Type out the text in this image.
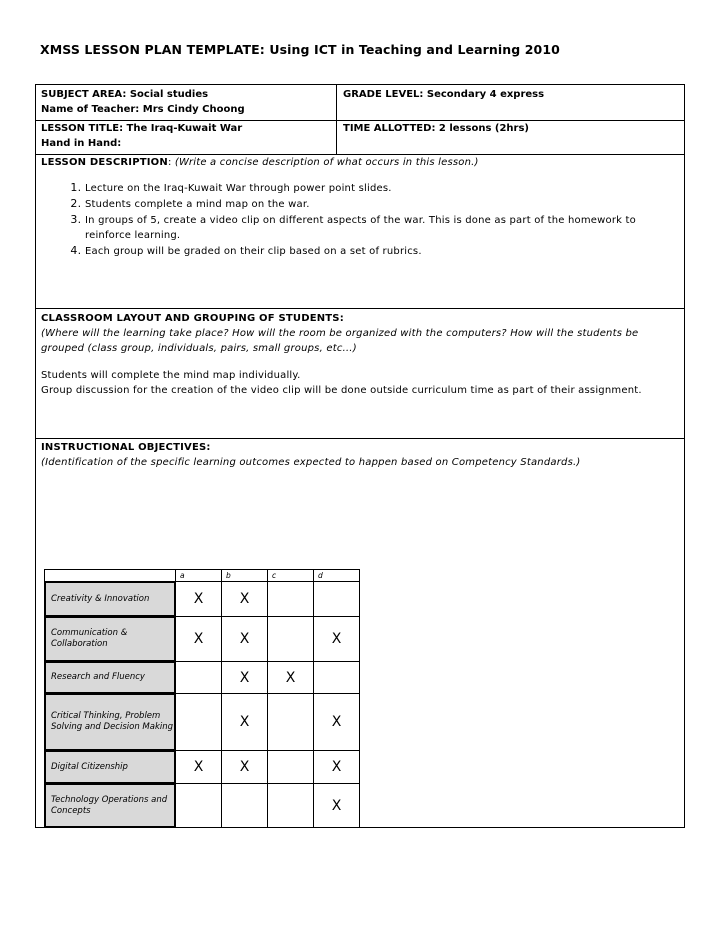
XMSS LESSON PLAN TEMPLATE: Using ICT in Teaching and Learning 2010
SUBJECT AREA: Social studies
Name of Teacher: Mrs Cindy Choong
GRADE LEVEL: Secondary 4 express
LESSON TITLE: The Iraq-Kuwait War
Hand in Hand:
TIME ALLOTTED: 2 lessons (2hrs)
LESSON DESCRIPTION: (Write a concise description of what occurs in this lesson.)
1. Lecture on the Iraq-Kuwait War through power point slides.
2. Students complete a mind map on the war.
3. In groups of 5, create a video clip on different aspects of the war. This is done as part of the homework to reinforce learning.
4. Each group will be graded on their clip based on a set of rubrics.
CLASSROOM LAYOUT AND GROUPING OF STUDENTS:
(Where will the learning take place? How will the room be organized with the computers? How will the students be grouped (class group, individuals, pairs, small groups, etc…)
Students will complete the mind map individually.
Group discussion for the creation of the video clip will be done outside curriculum time as part of their assignment.
INSTRUCTIONAL OBJECTIVES:
(Identification of the specific learning outcomes expected to happen based on Competency Standards.)
	a	b	c	d
Creativity & Innovation	X	X		
Communication & Collaboration	X	X		X
Research and Fluency		X	X	
Critical Thinking, Problem Solving and Decision Making		X		X
Digital Citizenship	X	X		X
Technology Operations and Concepts				X
